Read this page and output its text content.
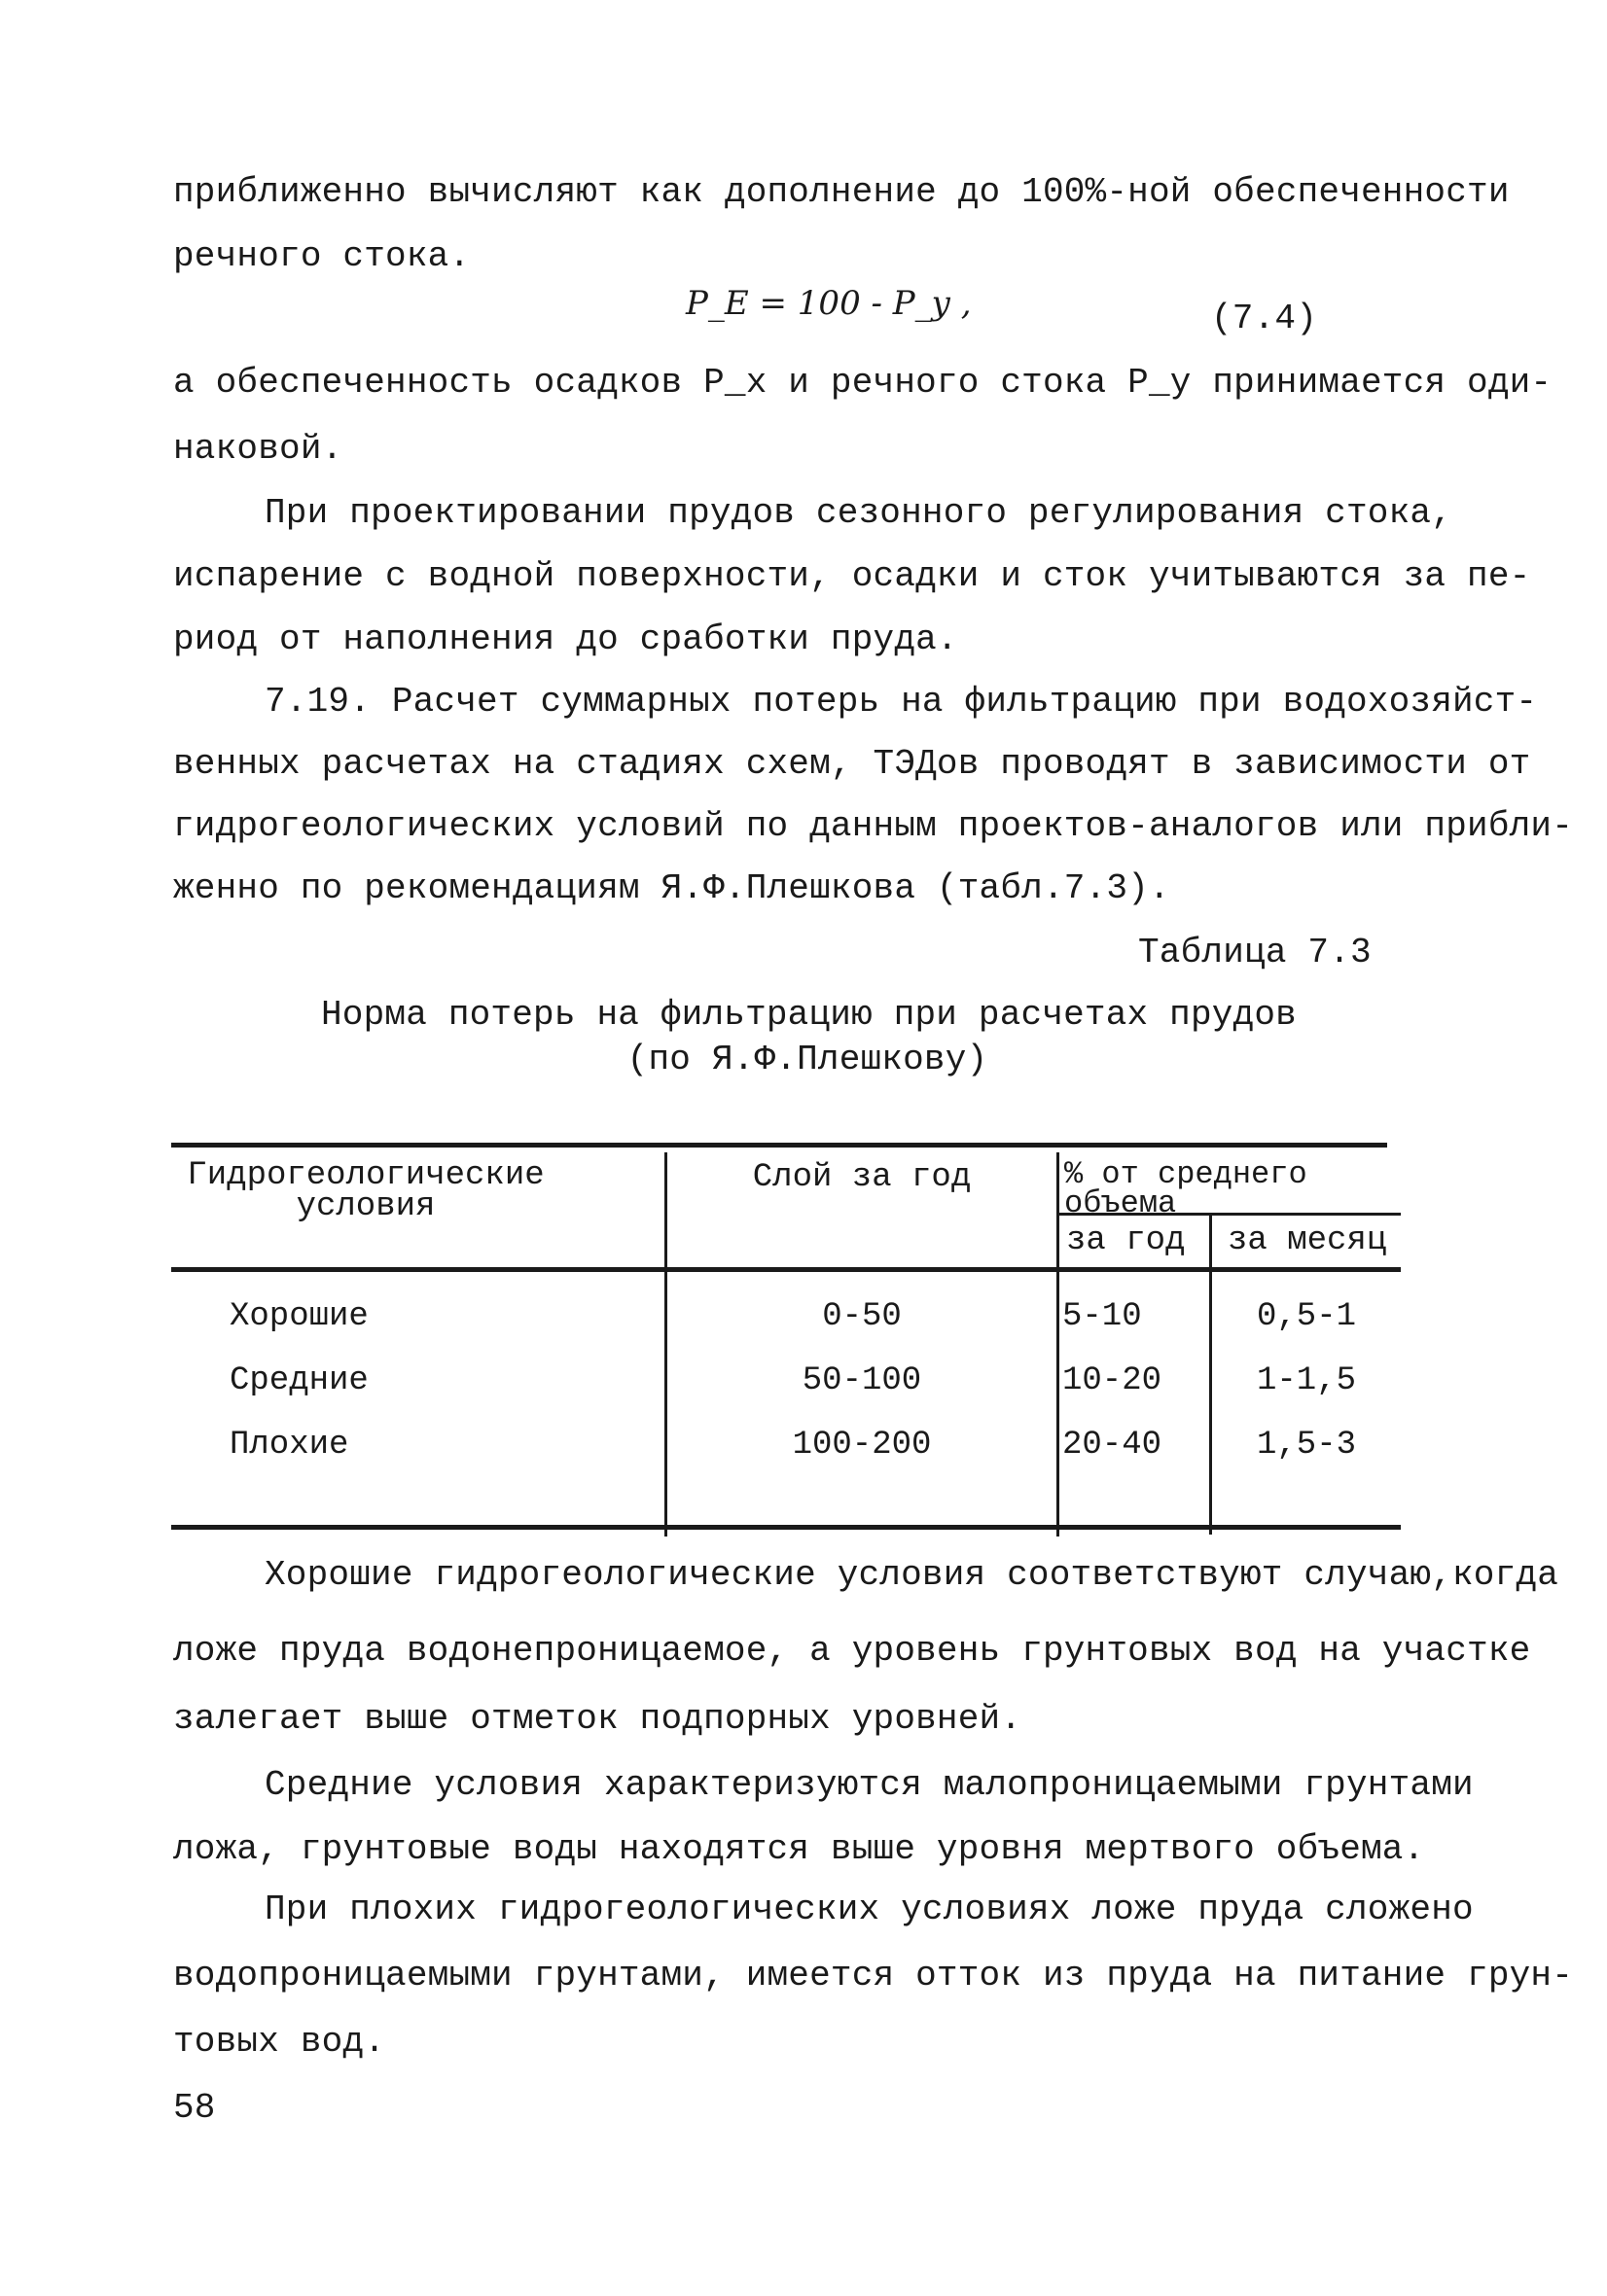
приближенно вычисляют как дополнение до 100%-ной обеспеченности
речного стока.
P_E = 100 - P_y ,	(7.4)
а обеспеченность осадков P_x и речного стока P_y принимается оди-
наковой.
При проектировании прудов сезонного регулирования стока,
испарение с водной поверхности, осадки и сток учитываются за пе-
риод от наполнения до сработки пруда.
7.19. Расчет суммарных потерь на фильтрацию при водохозяйст-
венных расчетах на стадиях схем, ТЭДов проводят в зависимости от
гидрогеологических условий по данным проектов-аналогов или прибли-
женно по рекомендациям Я.Ф.Плешкова (табл.7.3).
Таблица 7.3
Норма потерь на фильтрацию при расчетах прудов
(по Я.Ф.Плешкову)
Гидрогеологические условия
Слой за год	% от среднего объема
за год за месяц
Хорошие	0-50	5-10	0,5-1
Средние	50-100	10-20	1-1,5
Плохие	100-200	20-40	1,5-3
Хорошие гидрогеологические условия соответствуют случаю,когда
ложе пруда водонепроницаемое, а уровень грунтовых вод на участке
залегает выше отметок подпорных уровней.
Средние условия характеризуются малопроницаемыми грунтами
ложа, грунтовые воды находятся выше уровня мертвого объема.
При плохих гидрогеологических условиях ложе пруда сложено
водопроницаемыми грунтами, имеется отток из пруда на питание грун-
товых вод.
58
